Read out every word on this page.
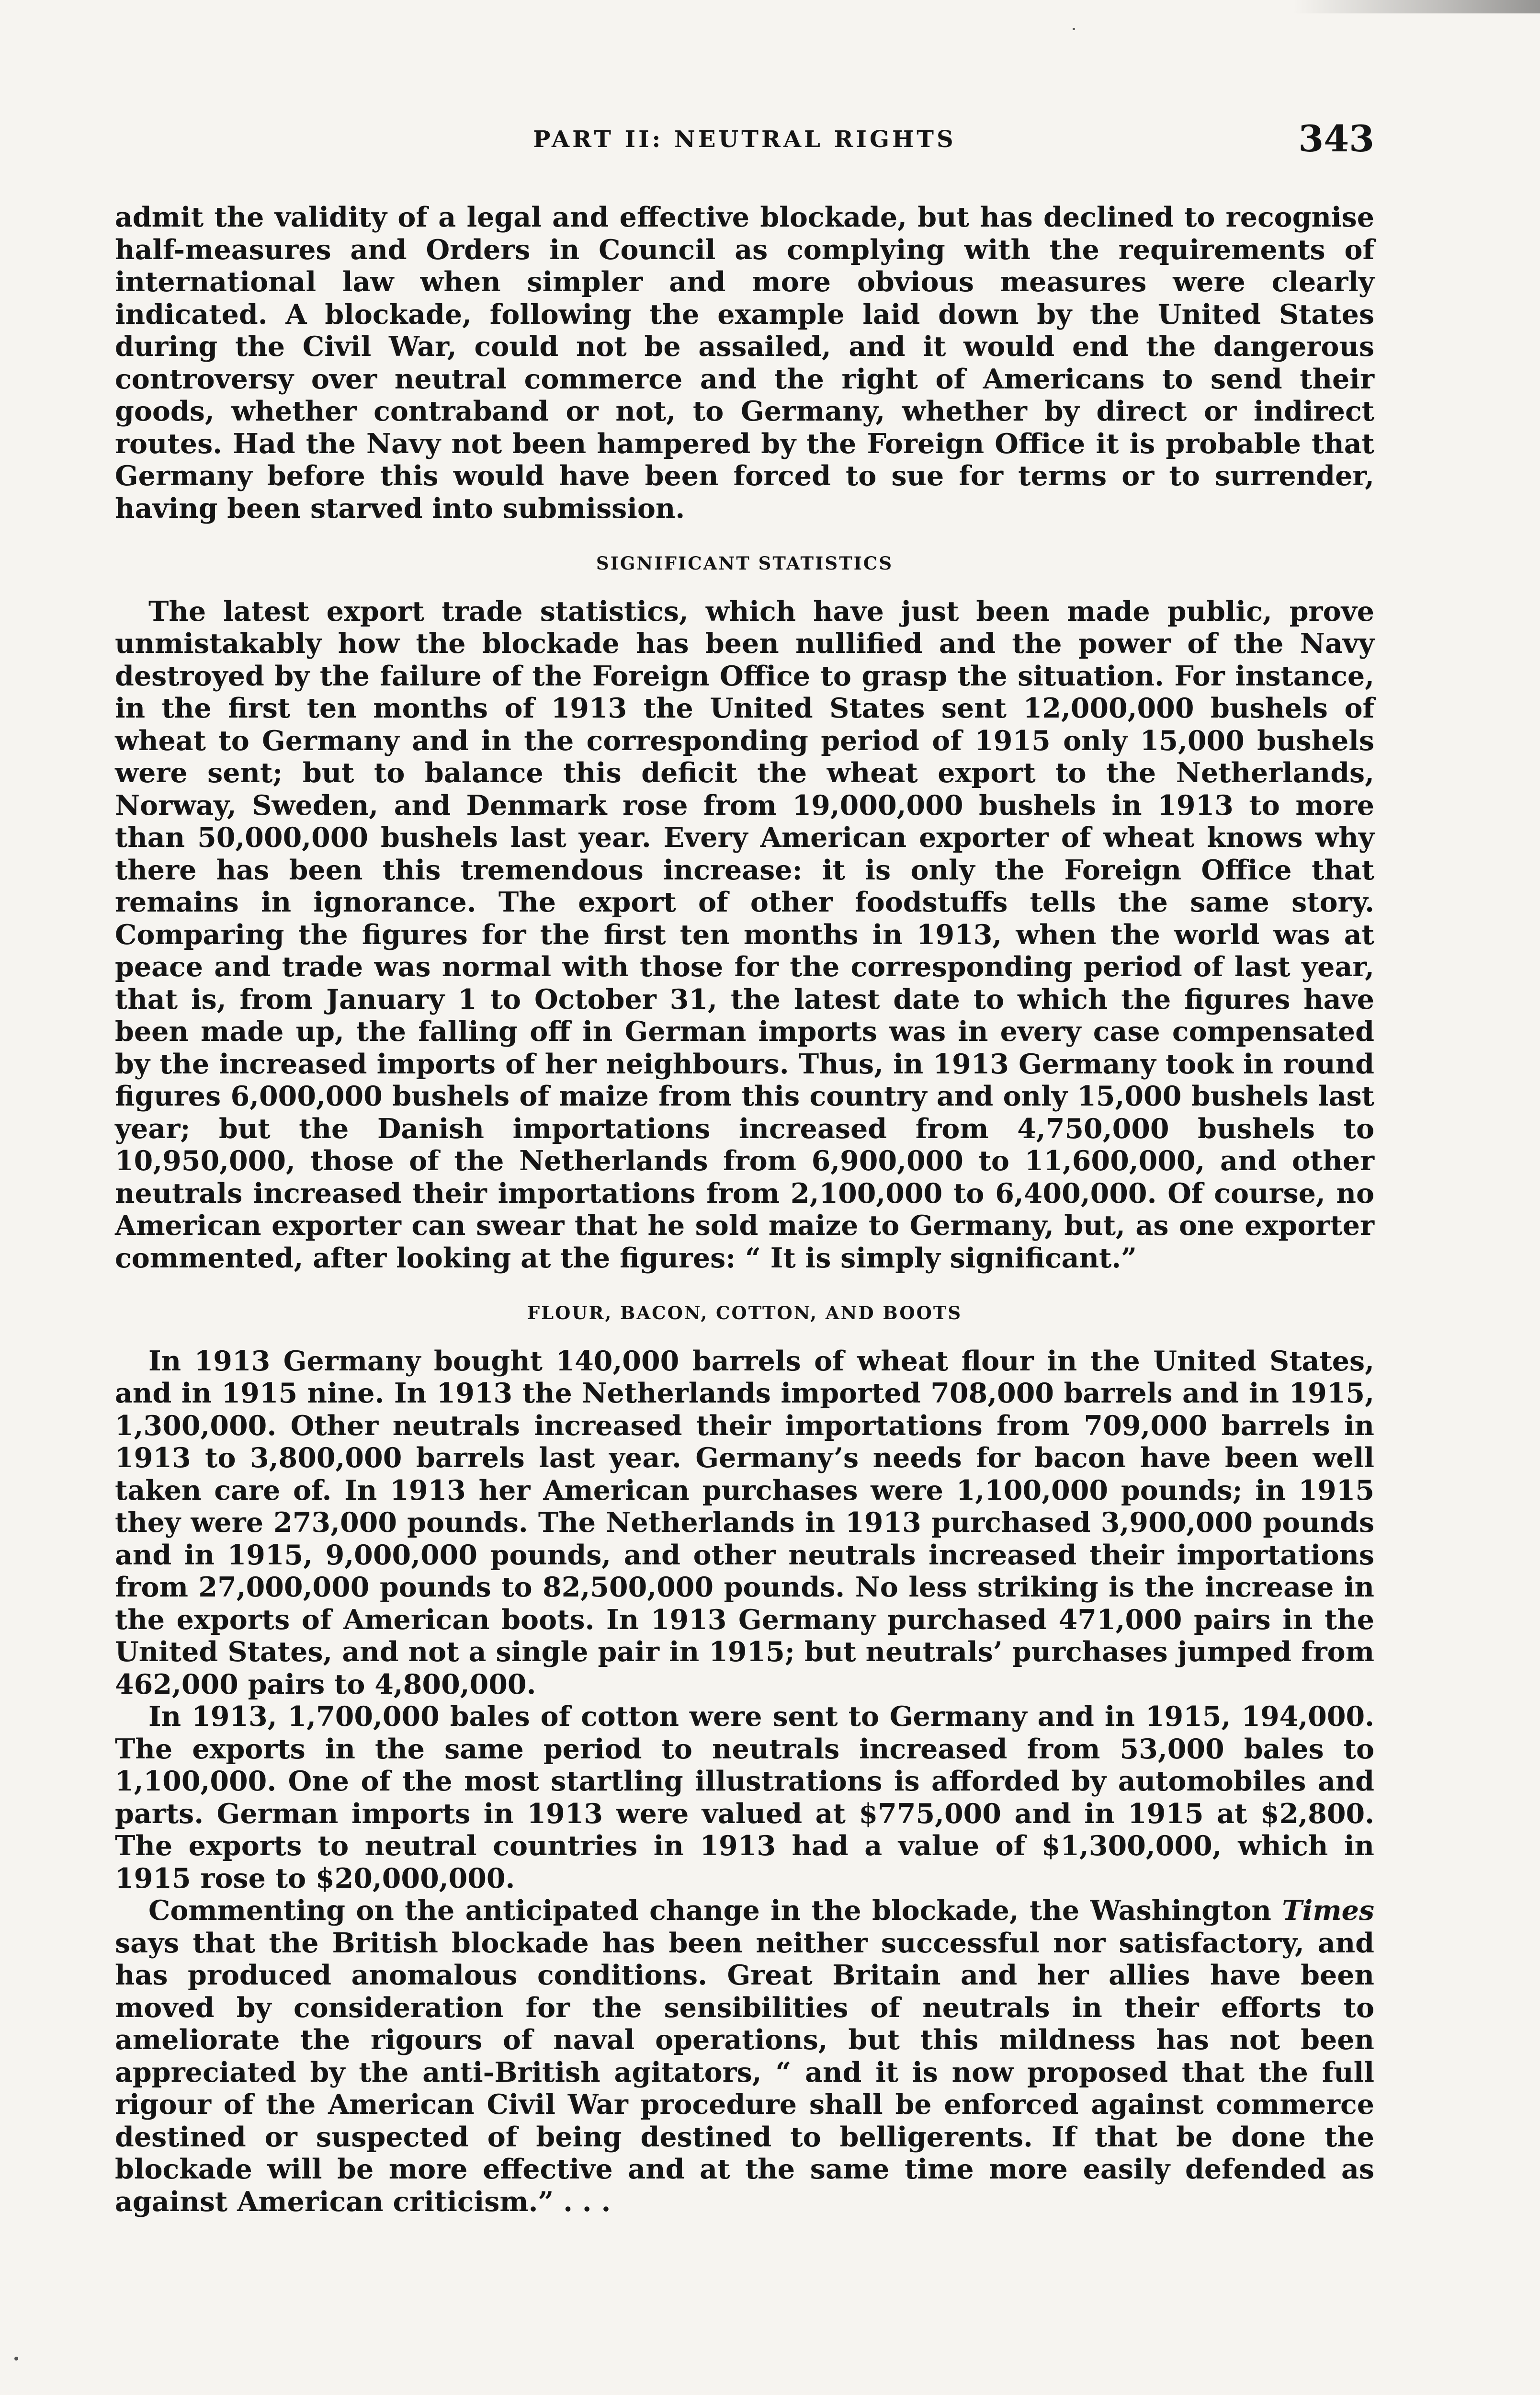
PART II: NEUTRAL RIGHTS	343

admit the validity of a legal and effective blockade, but has declined to recognise half-measures and Orders in Council as complying with the requirements of international law when simpler and more obvious measures were clearly indicated. A blockade, following the example laid down by the United States during the Civil War, could not be assailed, and it would end the dangerous controversy over neutral commerce and the right of Americans to send their goods, whether contraband or not, to Germany, whether by direct or indirect routes. Had the Navy not been hampered by the Foreign Office it is probable that Germany before this would have been forced to sue for terms or to surrender, having been starved into submission.

SIGNIFICANT STATISTICS

The latest export trade statistics, which have just been made public, prove unmistakably how the blockade has been nullified and the power of the Navy destroyed by the failure of the Foreign Office to grasp the situation. For instance, in the first ten months of 1913 the United States sent 12,000,000 bushels of wheat to Germany and in the corresponding period of 1915 only 15,000 bushels were sent; but to balance this deficit the wheat export to the Netherlands, Norway, Sweden, and Denmark rose from 19,000,000 bushels in 1913 to more than 50,000,000 bushels last year. Every American exporter of wheat knows why there has been this tremendous increase: it is only the Foreign Office that remains in ignorance. The export of other foodstuffs tells the same story. Comparing the figures for the first ten months in 1913, when the world was at peace and trade was normal with those for the corresponding period of last year, that is, from January 1 to October 31, the latest date to which the figures have been made up, the falling off in German imports was in every case compensated by the increased imports of her neighbours. Thus, in 1913 Germany took in round figures 6,000,000 bushels of maize from this country and only 15,000 bushels last year; but the Danish importations increased from 4,750,000 bushels to 10,950,000, those of the Netherlands from 6,900,000 to 11,600,000, and other neutrals increased their importations from 2,100,000 to 6,400,000. Of course, no American exporter can swear that he sold maize to Germany, but, as one exporter commented, after looking at the figures: “ It is simply significant.”

FLOUR, BACON, COTTON, AND BOOTS

In 1913 Germany bought 140,000 barrels of wheat flour in the United States, and in 1915 nine. In 1913 the Netherlands imported 708,000 barrels and in 1915, 1,300,000. Other neutrals increased their importations from 709,000 barrels in 1913 to 3,800,000 barrels last year. Germany’s needs for bacon have been well taken care of. In 1913 her American purchases were 1,100,000 pounds; in 1915 they were 273,000 pounds. The Netherlands in 1913 purchased 3,900,000 pounds and in 1915, 9,000,000 pounds, and other neutrals increased their importations from 27,000,000 pounds to 82,500,000 pounds. No less striking is the increase in the exports of American boots. In 1913 Germany purchased 471,000 pairs in the United States, and not a single pair in 1915; but neutrals’ purchases jumped from 462,000 pairs to 4,800,000.

In 1913, 1,700,000 bales of cotton were sent to Germany and in 1915, 194,000. The exports in the same period to neutrals increased from 53,000 bales to 1,100,000. One of the most startling illustrations is afforded by automobiles and parts. German imports in 1913 were valued at $775,000 and in 1915 at $2,800. The exports to neutral countries in 1913 had a value of $1,300,000, which in 1915 rose to $20,000,000.

Commenting on the anticipated change in the blockade, the Washington Times says that the British blockade has been neither successful nor satisfactory, and has produced anomalous conditions. Great Britain and her allies have been moved by consideration for the sensibilities of neutrals in their efforts to ameliorate the rigours of naval operations, but this mildness has not been appreciated by the anti-British agitators, “ and it is now proposed that the full rigour of the American Civil War procedure shall be enforced against commerce destined or suspected of being destined to belligerents. If that be done the blockade will be more effective and at the same time more easily defended as against American criticism.” . . .
